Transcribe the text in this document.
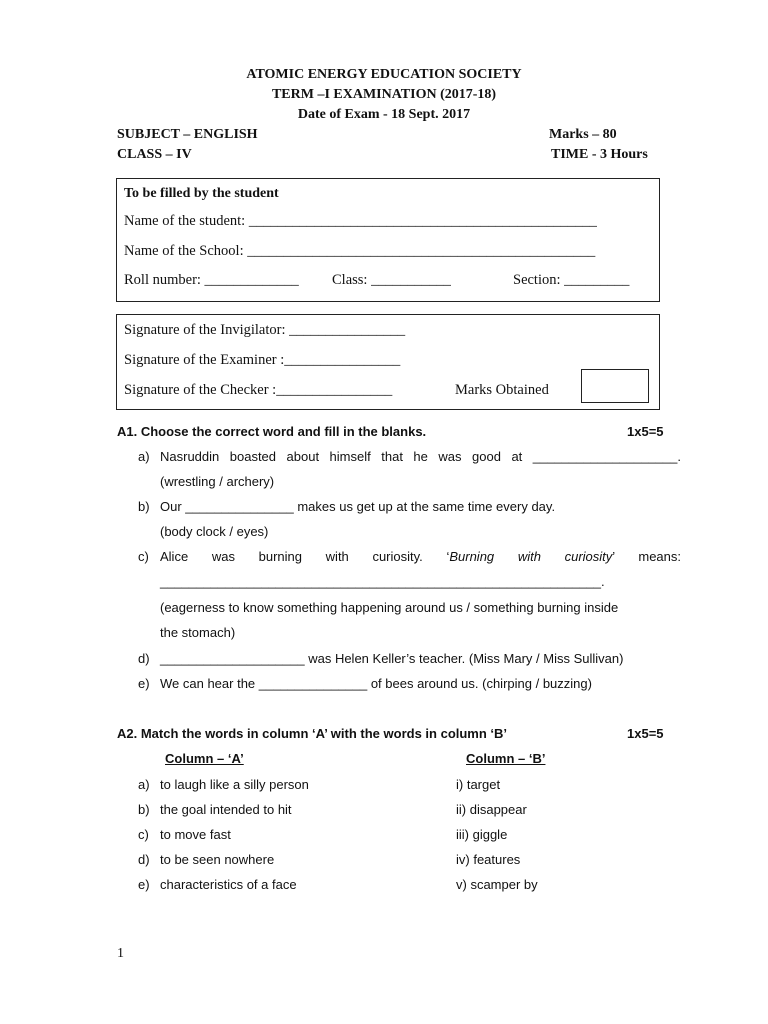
ATOMIC ENERGY EDUCATION SOCIETY
TERM –I EXAMINATION (2017-18)
Date of Exam - 18 Sept. 2017
SUBJECT – ENGLISH	Marks – 80
CLASS – IV	TIME - 3 Hours
To be filled by the student
Name of the student: ________________________________________________
Name of the School: ________________________________________________
Roll number: _____________ Class: ___________	Section: _________
Signature of the Invigilator: ________________
Signature of the Examiner :________________
Signature of the Checker :________________	Marks Obtained
A1. Choose the correct word and fill in the blanks.	1x5=5
a) Nasruddin boasted about himself that he was good at ____________________.
(wrestling / archery)
b) Our _______________ makes us get up at the same time every day.
(body clock / eyes)
c) Alice was burning with curiosity. ‘Burning with curiosity’ means:
_____________________________________________________________.
(eagerness to know something happening around us / something burning inside
the stomach)
d) ____________________ was Helen Keller’s teacher. (Miss Mary / Miss Sullivan)
e) We can hear the _______________ of bees around us. (chirping / buzzing)
A2. Match the words in column ‘A’ with the words in column ‘B’	1x5=5
Column – ‘A’	Column – ‘B’
a) to laugh like a silly person	i) target
b) the goal intended to hit	ii) disappear
c) to move fast	iii) giggle
d) to be seen nowhere	iv) features
e) characteristics of a face	v) scamper by
1
